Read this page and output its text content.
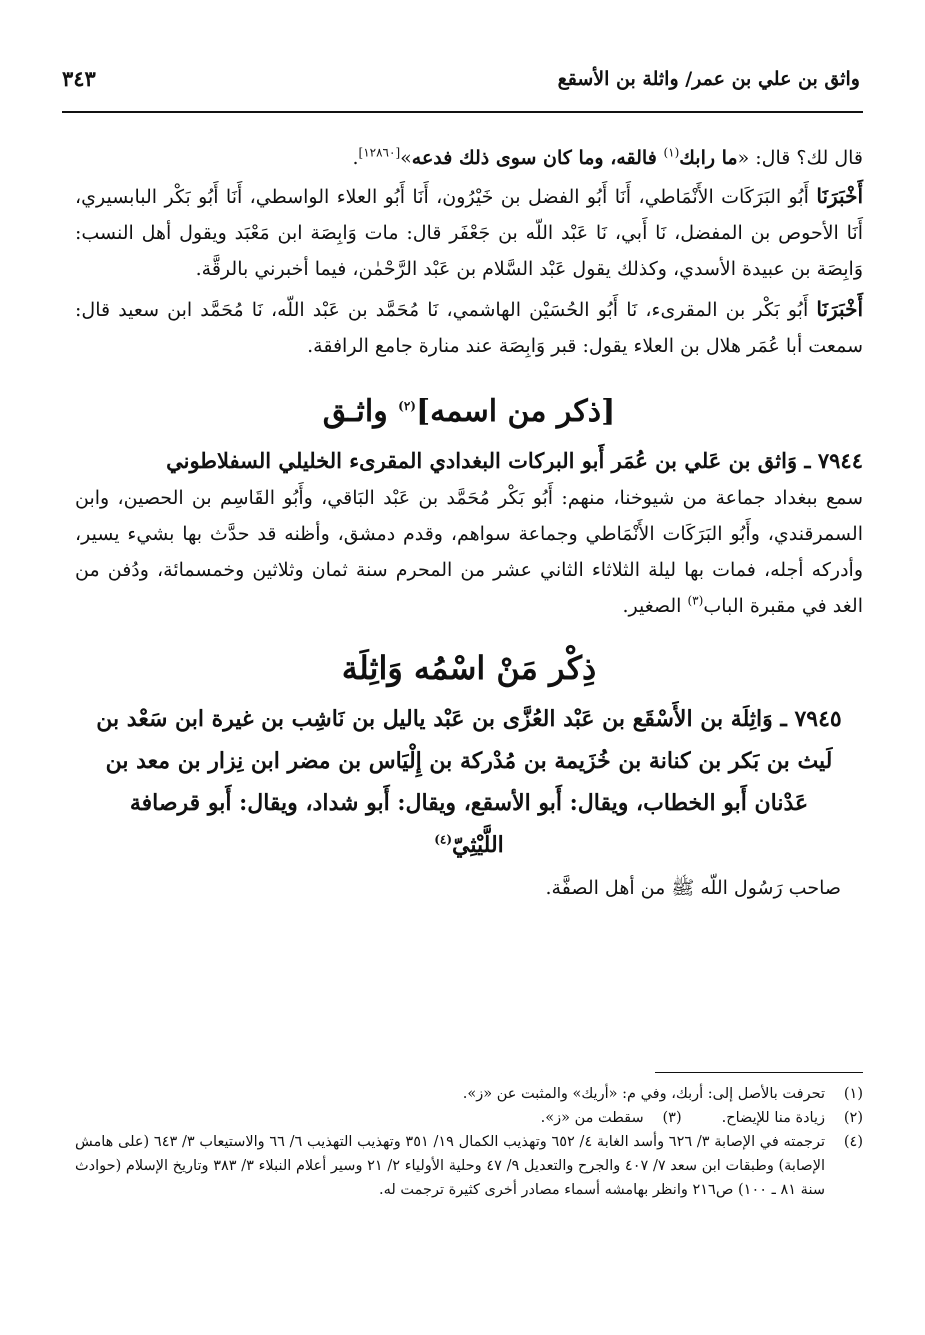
واثق بن علي بن عمر/ واثلة بن الأسقع
٣٤٣

قال لك؟ قال: «ما رابك$^{(١)}$ فالقه، وما كان سوى ذلك فدعه»[١٢٨٦٠].

أَخْبَرَنَا أَبُو البَرَكَات الأَنْمَاطي، أَنَا أَبُو الفضل بن خَيْرُون، أَنَا أَبُو العلاء الواسطي، أَنَا أَبُو بَكْر البابسيري، أَنَا الأحوص بن المفضل، نَا أَبي، نَا عَبْد اللّه بن جَعْفَر قال: مات وَابِصَة ابن مَعْبَد ويقول أهل النسب: وَابِصَة بن عبيدة الأسدي، وكذلك يقول عَبْد السَّلام بن عَبْد الرَّحْمٰن، فيما أخبرني بالرقَّة.

أَخْبَرَنَا أَبُو بَكْر بن المقرىء، نَا أَبُو الحُسَيْن الهاشمي، نَا مُحَمَّد بن عَبْد اللّه، نَا مُحَمَّد ابن سعيد قال: سمعت أبا عُمَر هلال بن العلاء يقول: قبر وَابِصَة عند منارة جامع الرافقة.

[ذكر من اسمه]$^{(٢)}$ واثـق

٧٩٤٤ ـ وَاثق بن عَلي بن عُمَر أَبو البركات البغدادي المقرىء الخليلي السفلاطوني

سمع ببغداد جماعة من شيوخنا، منهم: أَبُو بَكْر مُحَمَّد بن عَبْد البَاقي، وأَبُو القَاسِم بن الحصين، وابن السمرقندي، وأَبُو البَرَكَات الأَنْمَاطي وجماعة سواهم، وقدم دمشق، وأظنه قد حدَّث بها بشيء يسير، وأدركه أجله، فمات بها ليلة الثلاثاء الثاني عشر من المحرم سنة ثمان وثلاثين وخمسمائة، ودُفن من الغد في مقبرة الباب$^{(٣)}$ الصغير.

ذِكْر مَنْ اسْمُه وَاثِلَة

٧٩٤٥ ـ وَاثِلَة بن الأَسْقَع بن عَبْد العُزَّى بن عَبْد ياليل بن نَاشِب بن غيرة ابن سَعْد بن لَيث بن بَكر بن كنانة بن خُزَيمة بن مُدْركة بن إِلْيَاس بن مضر ابن نِزار بن معد بن عَدْنان أَبو الخطاب، ويقال: أَبو الأسقع، ويقال: أَبو شداد، ويقال: أَبو قرصافة اللَّيْثِيّ$^{(٤)}$

صاحب رَسُول اللّه ﷺ من أهل الصفَّة.

(١)
تحرفت بالأصل إلى: أربك، وفي م: «أريك» والمثبت عن «ز».
(٢)
زيادة منا للإيضاح.
(٣)
سقطت من «ز».
(٤)
ترجمته في الإصابة ٣/ ٦٢٦ وأسد الغابة ٤/ ٦٥٢ وتهذيب الكمال ١٩/ ٣٥١ وتهذيب التهذيب ٦/ ٦٦ والاستيعاب ٣/ ٦٤٣ (على هامش الإصابة) وطبقات ابن سعد ٧/ ٤٠٧ والجرح والتعديل ٩/ ٤٧ وحلية الأولياء ٢/ ٢١ وسير أعلام النبلاء ٣/ ٣٨٣ وتاريخ الإسلام (حوادث سنة ٨١ ـ ١٠٠) ص٢١٦ وانظر بهامشه أسماء مصادر أخرى كثيرة ترجمت له.
